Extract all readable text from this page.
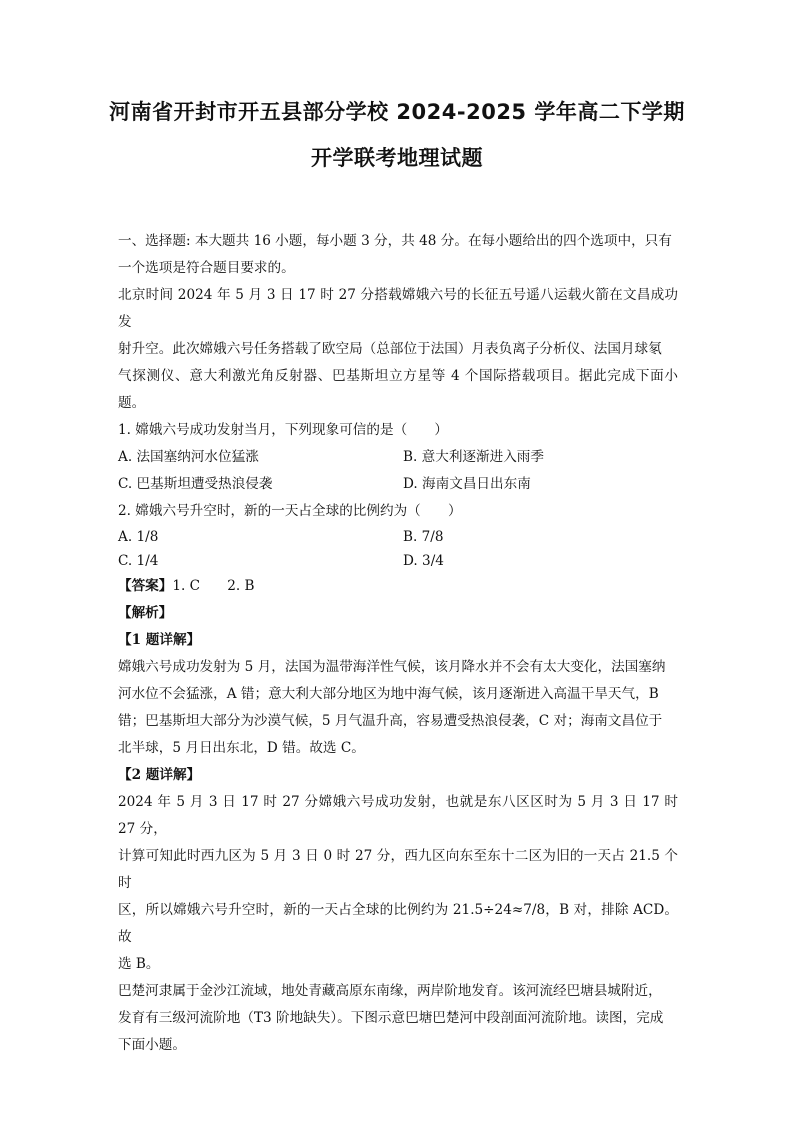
河南省开封市开五县部分学校 2024-2025 学年高二下学期
开学联考地理试题

一、选择题: 本大题共 16 小题，每小题 3 分，共 48 分。在每小题给出的四个选项中，只有

一个选项是符合题目要求的。

北京时间 2024 年 5 月 3 日 17 时 27 分搭载嫦娥六号的长征五号遥八运载火箭在文昌成功发

射升空。此次嫦娥六号任务搭载了欧空局（总部位于法国）月表负离子分析仪、法国月球氡

气探测仪、意大利激光角反射器、巴基斯坦立方星等 4 个国际搭载项目。据此完成下面小题。

1. 嫦娥六号成功发射当月，下列现象可信的是（　　）

A. 法国塞纳河水位猛涨	B. 意大利逐渐进入雨季
C. 巴基斯坦遭受热浪侵袭	D. 海南文昌日出东南

2. 嫦娥六号升空时，新的一天占全球的比例约为（　　）

A. 1/8	B. 7/8
C. 1/4	D. 3/4

【答案】1. C　　2. B

【解析】

【1 题详解】

嫦娥六号成功发射为 5 月，法国为温带海洋性气候，该月降水并不会有太大变化，法国塞纳

河水位不会猛涨，A 错；意大利大部分地区为地中海气候，该月逐渐进入高温干旱天气，B

错；巴基斯坦大部分为沙漠气候，5 月气温升高，容易遭受热浪侵袭，C 对；海南文昌位于

北半球，5 月日出东北，D 错。故选 C。

【2 题详解】

2024 年 5 月 3 日 17 时 27 分嫦娥六号成功发射，也就是东八区区时为 5 月 3 日 17 时 27 分，

计算可知此时西九区为 5 月 3 日 0 时 27 分，西九区向东至东十二区为旧的一天占 21.5 个时

区，所以嫦娥六号升空时，新的一天占全球的比例约为 21.5÷24≈7/8，B 对，排除 ACD。故

选 B。

巴楚河隶属于金沙江流域，地处青藏高原东南缘，两岸阶地发育。该河流经巴塘县城附近，

发育有三级河流阶地（T3 阶地缺失）。下图示意巴塘巴楚河中段剖面河流阶地。读图，完成

下面小题。
